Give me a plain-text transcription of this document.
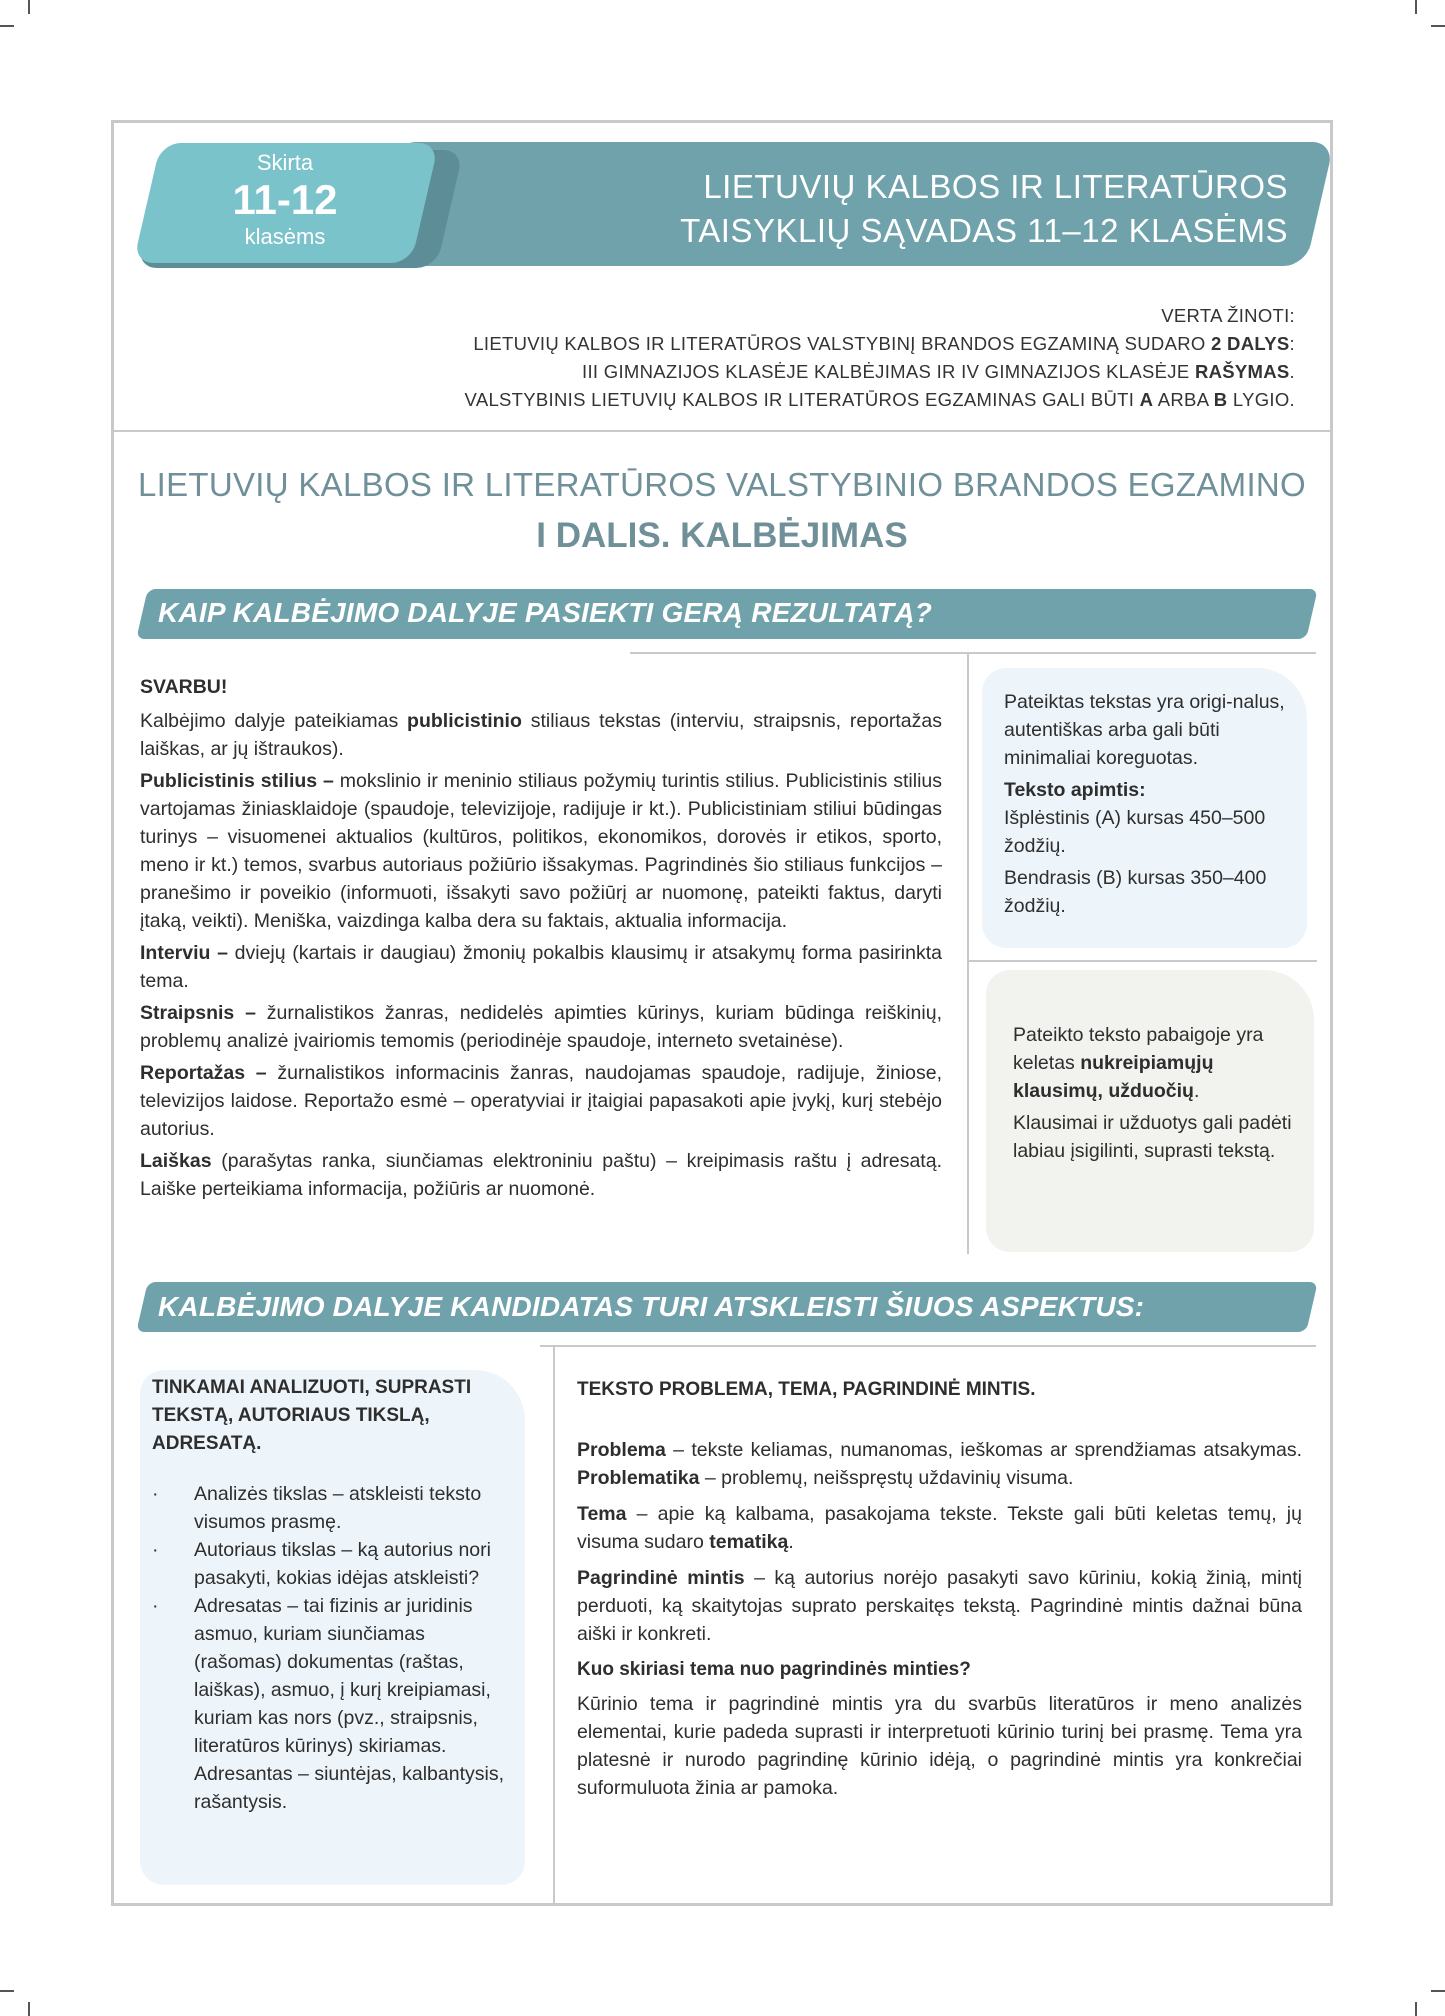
Skirta
11-12
klasėms
LIETUVIŲ KALBOS IR LITERATŪROS
TAISYKLIŲ SĄVADAS 11–12 KLASĖMS
VERTA ŽINOTI:
LIETUVIŲ KALBOS IR LITERATŪROS VALSTYBINĮ BRANDOS EGZAMINĄ SUDARO 2 DALYS:
III GIMNAZIJOS KLASĖJE KALBĖJIMAS IR IV GIMNAZIJOS KLASĖJE RAŠYMAS.
VALSTYBINIS LIETUVIŲ KALBOS IR LITERATŪROS EGZAMINAS GALI BŪTI A ARBA B LYGIO.
LIETUVIŲ KALBOS IR LITERATŪROS VALSTYBINIO BRANDOS EGZAMINO
I DALIS. KALBĖJIMAS
KAIP KALBĖJIMO DALYJE PASIEKTI GERĄ REZULTATĄ?

SVARBU!

Kalbėjimo dalyje pateikiamas publicistinio stiliaus tekstas (interviu, straipsnis, reportažas laiškas, ar jų ištraukos).

Publicistinis stilius – mokslinio ir meninio stiliaus požymių turintis stilius. Publicistinis stilius vartojamas žiniasklaidoje (spaudoje, televizijoje, radijuje ir kt.). Publicistiniam stiliui būdingas turinys – visuomenei aktualios (kultūros, politikos, ekonomikos, dorovės ir etikos, sporto, meno ir kt.) temos, svarbus autoriaus požiūrio išsakymas. Pagrindinės šio stiliaus funkcijos – pranešimo ir poveikio (informuoti, išsakyti savo požiūrį ar nuomonę, pateikti faktus, daryti įtaką, veikti). Meniška, vaizdinga kalba dera su faktais, aktualia informacija.

Interviu – dviejų (kartais ir daugiau) žmonių pokalbis klausimų ir atsakymų forma pasirinkta tema.

Straipsnis – žurnalistikos žanras, nedidelės apimties kūrinys, kuriam būdinga reiškinių, problemų analizė įvairiomis temomis (periodinėje spaudoje, interneto svetainėse).

Reportažas – žurnalistikos informacinis žanras, naudojamas spaudoje, radijuje, žiniose, televizijos laidose. Reportažo esmė – operatyviai ir įtaigiai papasakoti apie įvykį, kurį stebėjo autorius.

Laiškas (parašytas ranka, siunčiamas elektroniniu paštu) – kreipimasis raštu į adresatą. Laiške perteikiama informacija, požiūris ar nuomonė.

Pateiktas tekstas yra origi-nalus, autentiškas arba gali būti minimaliai koreguotas.

Teksto apimtis:

Išplėstinis (A) kursas 450–500 žodžių.

Bendrasis (B) kursas 350–400 žodžių.

Pateikto teksto pabaigoje yra keletas nukreipiamųjų klausimų, užduočių.

Klausimai ir užduotys gali padėti labiau įsigilinti, suprasti tekstą.

KALBĖJIMO DALYJE KANDIDATAS TURI ATSKLEISTI ŠIUOS ASPEKTUS:
TINKAMAI ANALIZUOTI, SUPRASTI TEKSTĄ, AUTORIAUS TIKSLĄ, ADRESATĄ.
· Analizės tikslas – atskleisti teksto visumos prasmę.
· Autoriaus tikslas – ką autorius nori pasakyti, kokias idėjas atskleisti?
· Adresatas – tai fizinis ar juridinis asmuo, kuriam siunčiamas (rašomas) dokumentas (raštas, laiškas), asmuo, į kurį kreipiamasi, kuriam kas nors (pvz., straipsnis, literatūros kūrinys) skiriamas. Adresantas – siuntėjas, kalbantysis, rašantysis.

TEKSTO PROBLEMA, TEMA, PAGRINDINĖ MINTIS.

Problema – tekste keliamas, numanomas, ieškomas ar sprendžiamas atsakymas. Problematika – problemų, neišspręstų uždavinių visuma.

Tema – apie ką kalbama, pasakojama tekste. Tekste gali būti keletas temų, jų visuma sudaro tematiką.

Pagrindinė mintis – ką autorius norėjo pasakyti savo kūriniu, kokią žinią, mintį perduoti, ką skaitytojas suprato perskaitęs tekstą. Pagrindinė mintis dažnai būna aiški ir konkreti.

Kuo skiriasi tema nuo pagrindinės minties?

Kūrinio tema ir pagrindinė mintis yra du svarbūs literatūros ir meno analizės elementai, kurie padeda suprasti ir interpretuoti kūrinio turinį bei prasmę. Tema yra platesnė ir nurodo pagrindinę kūrinio idėją, o pagrindinė mintis yra konkrečiai suformuluota žinia ar pamoka.
